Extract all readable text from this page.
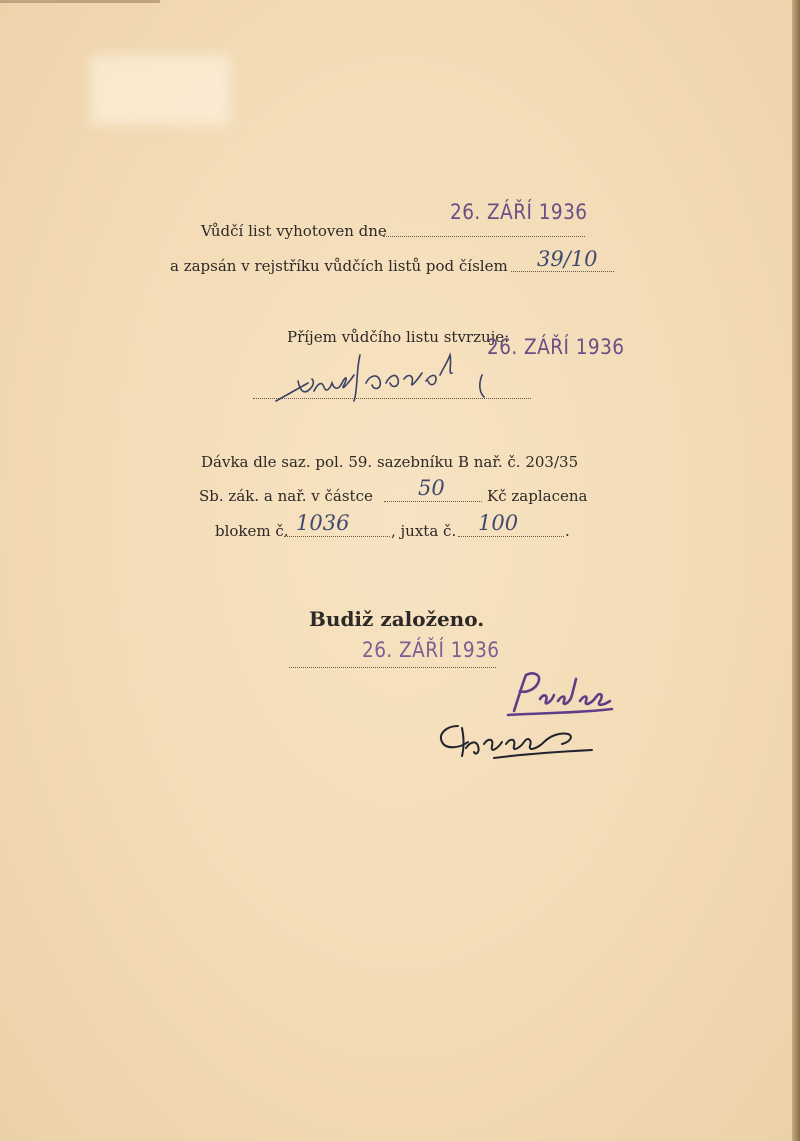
Vůdčí list vyhotoven dne
26. ZÁŘÍ 1936
a zapsán v rejstříku vůdčích listů pod číslem 39/10
Příjem vůdčího listu stvrzuje:
26. ZÁŘÍ 1936
Dávka dle saz. pol. 59. sazebníku B nař. č. 203/35
Sb. zák. a nař. v částce 50	Kč zaplacena
blokem č. 1036	, juxta č. 100	.
Budiž založeno.
26. ZÁŘÍ 1936
